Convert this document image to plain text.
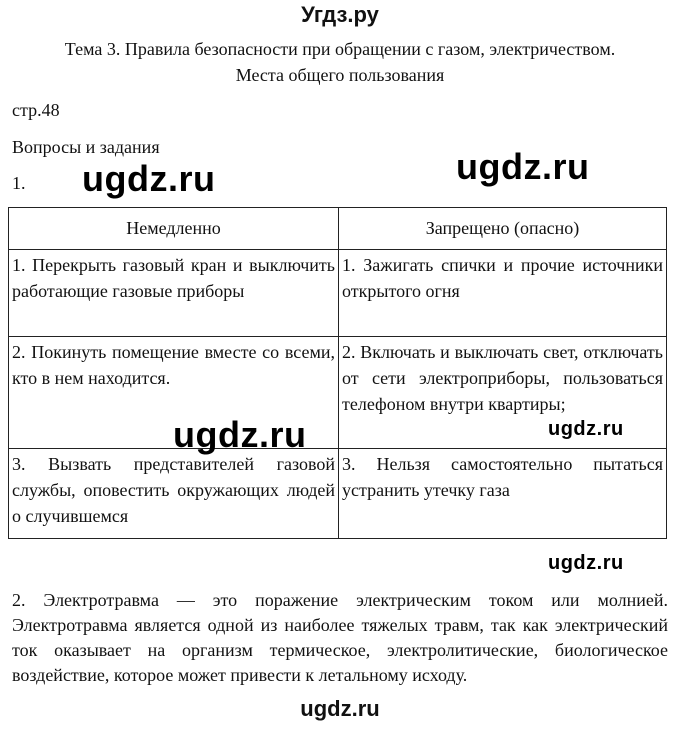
Угдз.ру
Тема 3. Правила безопасности при обращении с газом, электричеством.
Места общего пользования
стр.48
Вопросы и задания
1.
Немедленно	Запрещено (опасно)
1. Перекрыть газовый кран и выключить работающие газовые приборы	1. Зажигать спички и прочие источники открытого огня
2. Покинуть помещение вместе со всеми, кто в нем находится.	2. Включать и выключать свет, отключать от сети электроприборы, пользоваться телефоном внутри квартиры;
3. Вызвать представителей газовой службы, оповестить окружающих людей о случившемся	3. Нельзя самостоятельно пытаться устранить утечку газа
ugdz.ru	ugdz.ru
ugdz.ru	ugdz.ru
ugdz.ru
2. Электротравма — это поражение электрическим током или молнией. Электротравма является одной из наиболее тяжелых травм, так как электрический ток оказывает на организм термическое, электролитические, биологическое воздействие, которое может привести к летальному исходу.
ugdz.ru
